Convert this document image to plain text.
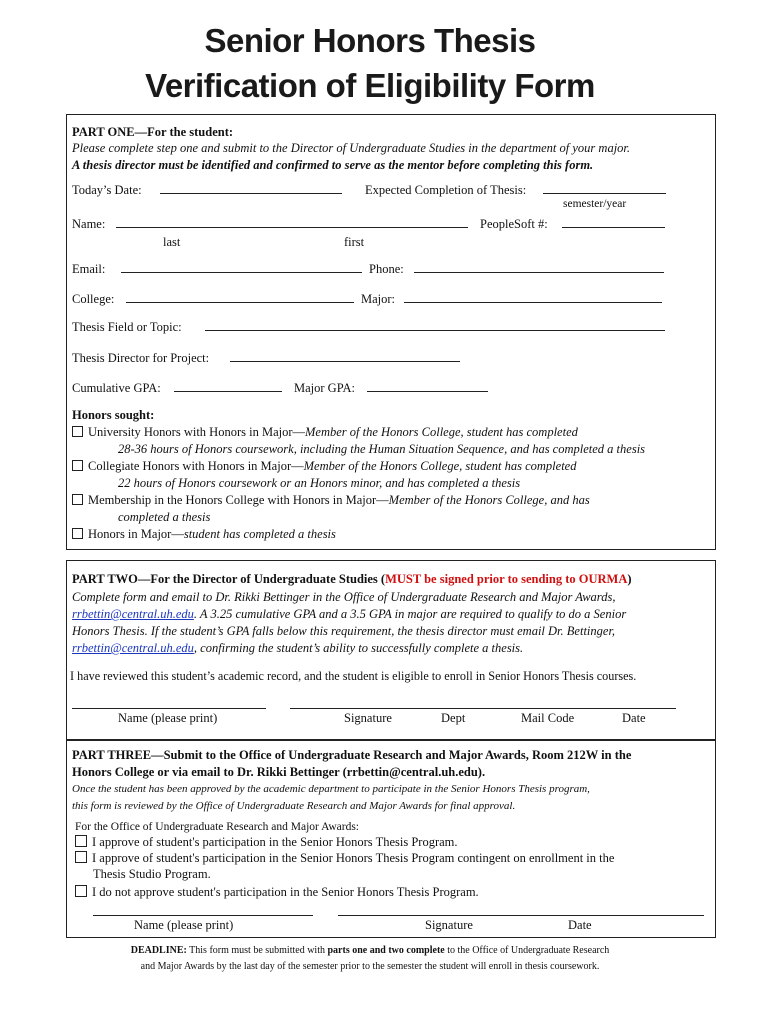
Senior Honors Thesis
Verification of Eligibility Form
PART ONE—For the student:
Please complete step one and submit to the Director of Undergraduate Studies in the department of your major.
A thesis director must be identified and confirmed to serve as the mentor before completing this form.
Today’s Date:	Expected Completion of Thesis:
semester/year
Name:	PeopleSoft #:
last	first
Email:	Phone:
College:	Major:
Thesis Field or Topic:
Thesis Director for Project:
Cumulative GPA:	Major GPA:
Honors sought:
University Honors with Honors in Major—Member of the Honors College, student has completed
28-36 hours of Honors coursework, including the Human Situation Sequence, and has completed a thesis
Collegiate Honors with Honors in Major—Member of the Honors College, student has completed
22 hours of Honors coursework or an Honors minor, and has completed a thesis
Membership in the Honors College with Honors in Major—Member of the Honors College, and has
completed a thesis
Honors in Major—student has completed a thesis
PART TWO—For the Director of Undergraduate Studies (MUST be signed prior to sending to OURMA)
Complete form and email to Dr. Rikki Bettinger in the Office of Undergraduate Research and Major Awards,
rrbettin@central.uh.edu. A 3.25 cumulative GPA and a 3.5 GPA in major are required to qualify to do a Senior
Honors Thesis. If the student’s GPA falls below this requirement, the thesis director must email Dr. Bettinger,
rrbettin@central.uh.edu, confirming the student’s ability to successfully complete a thesis.
I have reviewed this student’s academic record, and the student is eligible to enroll in Senior Honors Thesis courses.
Name (please print)	Signature	Dept	Mail Code	Date
PART THREE—Submit to the Office of Undergraduate Research and Major Awards, Room 212W in the
Honors College or via email to Dr. Rikki Bettinger (rrbettin@central.uh.edu).
Once the student has been approved by the academic department to participate in the Senior Honors Thesis program,
this form is reviewed by the Office of Undergraduate Research and Major Awards for final approval.
For the Office of Undergraduate Research and Major Awards:
I approve of student's participation in the Senior Honors Thesis Program.
I approve of student's participation in the Senior Honors Thesis Program contingent on enrollment in the
Thesis Studio Program.
I do not approve student's participation in the Senior Honors Thesis Program.
Name (please print)	Signature	Date
DEADLINE: This form must be submitted with parts one and two complete to the Office of Undergraduate Research
and Major Awards by the last day of the semester prior to the semester the student will enroll in thesis coursework.
